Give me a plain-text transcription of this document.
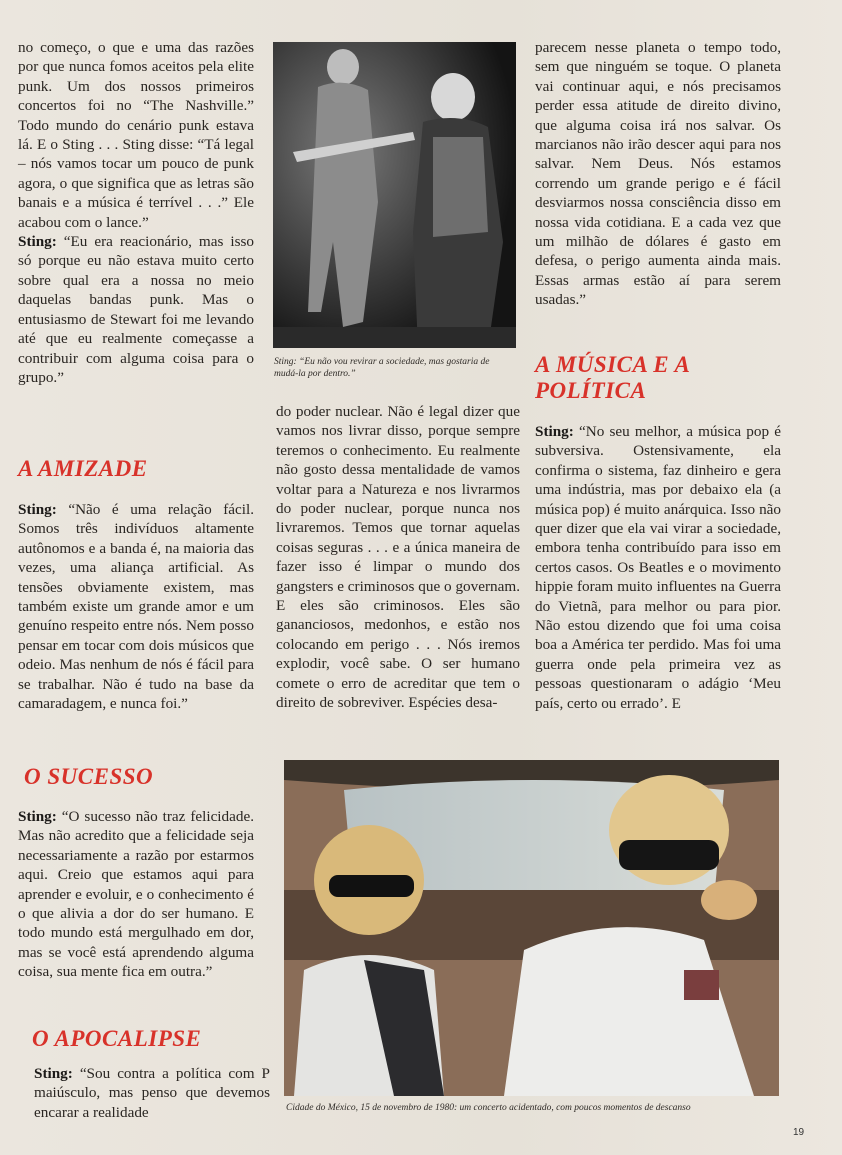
no começo, o que e uma das razões por que nunca fomos aceitos pela elite punk. Um dos nossos primeiros concertos foi no “The Nashville.” Todo mundo do cenário punk estava lá. E o Sting . . . Sting disse: “Tá legal – nós vamos tocar um pouco de punk agora, o que significa que as letras são banais e a música é terrível . . .” Ele acabou com o lance.”

Sting: “Eu era reacionário, mas isso só porque eu não estava muito certo sobre qual era a nossa no meio daquelas bandas punk. Mas o entusiasmo de Stewart foi me levando até que eu realmente começasse a contribuir com alguma coisa para o grupo.”

A AMIZADE

Sting: “Não é uma relação fácil. Somos três indivíduos altamente autônomos e a banda é, na maioria das vezes, uma aliança artificial. As tensões obviamente existem, mas também existe um grande amor e um genuíno respeito entre nós. Nem posso pensar em tocar com dois músicos que odeio. Mas nenhum de nós é fácil para se trabalhar. Não é tudo na base da camaradagem, e nunca foi.”

O SUCESSO

Sting: “O sucesso não traz felicidade. Mas não acredito que a felicidade seja necessariamente a razão por estarmos aqui. Creio que estamos aqui para aprender e evoluir, e o conhecimento é o que alivia a dor do ser humano. E todo mundo está mergulhado em dor, mas se você está aprendendo alguma coisa, sua mente fica em outra.”

O APOCALIPSE

Sting: “Sou contra a política com P maiúsculo, mas penso que devemos encarar a realidade

Sting: “Eu não vou revirar a sociedade, mas gostaria de mudá-la por dentro.”

do poder nuclear. Não é legal dizer que vamos nos livrar disso, porque sempre teremos o conhecimento. Eu realmente não gosto dessa mentalidade de vamos voltar para a Natureza e nos livrarmos do poder nuclear, porque nunca nos livraremos. Temos que tornar aquelas coisas seguras . . . e a única maneira de fazer isso é limpar o mundo dos gangsters e criminosos que o governam. E eles são criminosos. Eles são gananciosos, medonhos, e estão nos colocando em perigo . . . Nós iremos explodir, você sabe. O ser humano comete o erro de acreditar que tem o direito de sobreviver. Espécies desa-

parecem nesse planeta o tempo todo, sem que ninguém se toque. O planeta vai continuar aqui, e nós precisamos perder essa atitude de direito divino, que alguma coisa irá nos salvar. Os marcianos não irão descer aqui para nos salvar. Nem Deus. Nós estamos correndo um grande perigo e é fácil desviarmos nossa consciência disso em nossa vida cotidiana. E a cada vez que um milhão de dólares é gasto em defesa, o perigo aumenta ainda mais. Essas armas estão aí para serem usadas.”

A MÚSICA E A POLÍTICA

Sting: “No seu melhor, a música pop é subversiva. Ostensivamente, ela confirma o sistema, faz dinheiro e gera uma indústria, mas por debaixo ela (a música pop) é muito anárquica. Isso não quer dizer que ela vai virar a sociedade, embora tenha contribuído para isso em certos casos. Os Beatles e o movimento hippie foram muito influentes na Guerra do Vietnã, para melhor ou para pior. Não estou dizendo que foi uma coisa boa a América ter perdido. Mas foi uma guerra onde pela primeira vez as pessoas questionaram o adágio ‘Meu país, certo ou errado’. E

Cidade do México, 15 de novembro de 1980: um concerto acidentado, com poucos momentos de descanso
19
